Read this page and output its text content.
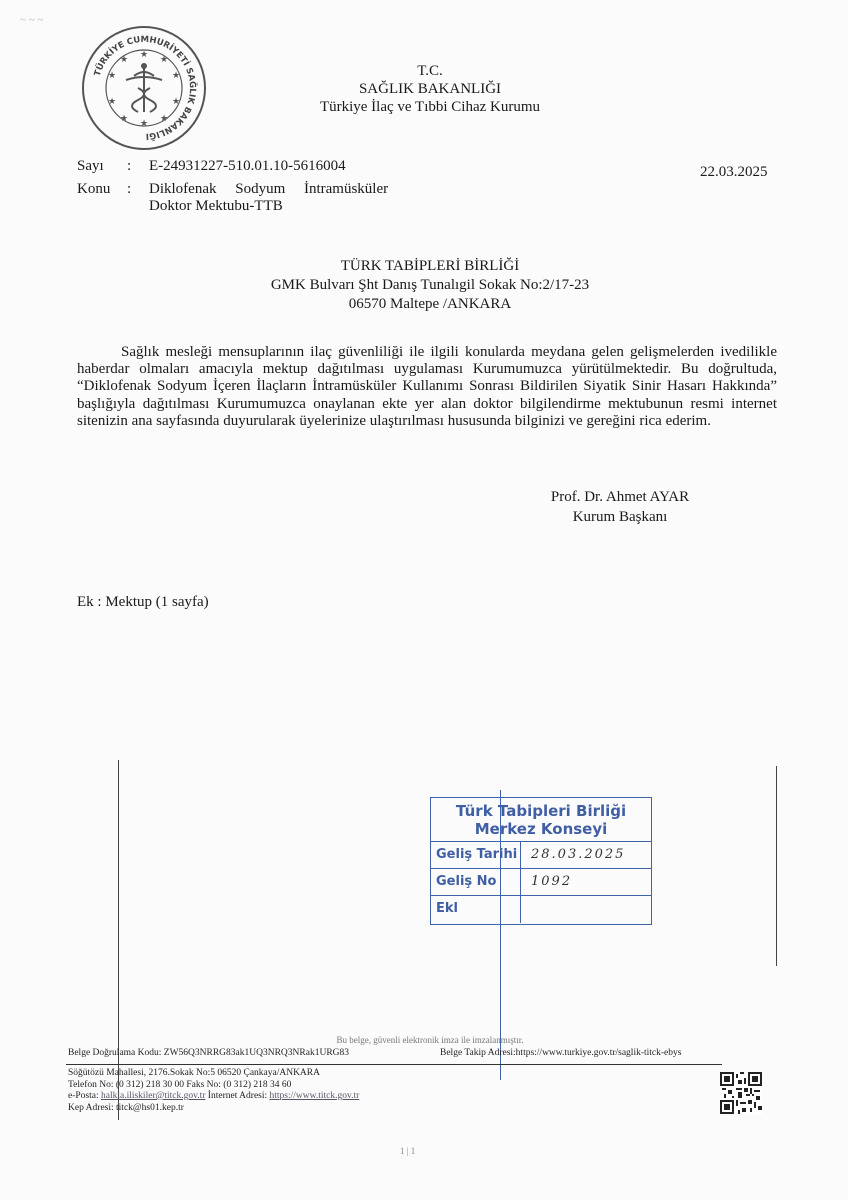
~ ~ ~
TÜRKİYE CUMHURİYETİ SAĞLIK BAKANLIĞI
★
★	★
★	★
★	★
★	★
★
T.C.
SAĞLIK BAKANLIĞI
Türkiye İlaç ve Tıbbi Cihaz Kurumu
Sayı	:	E-24931227-510.01.10-5616004
Konu	:	Diklofenak     Sodyum     İntramüsküler
Doktor Mektubu-TTB
22.03.2025
TÜRK TABİPLERİ BİRLİĞİ
GMK Bulvarı Şht Danış Tunalıgil Sokak No:2/17-23
06570 Maltepe /ANKARA
Sağlık mesleği mensuplarının ilaç güvenliliği ile ilgili konularda meydana gelen gelişmelerden ivedilikle haberdar olmaları amacıyla mektup dağıtılması uygulaması Kurumumuzca yürütülmektedir. Bu doğrultuda, “Diklofenak Sodyum İçeren İlaçların İntramüsküler Kullanımı Sonrası Bildirilen Siyatik Sinir Hasarı Hakkında” başlığıyla dağıtılması Kurumumuzca onaylanan ekte yer alan doktor bilgilendirme mektubunun resmi internet sitenizin ana sayfasında duyurularak üyelerinize ulaştırılması hususunda bilginizi ve gereğini rica ederim.
Prof. Dr. Ahmet AYAR
Kurum Başkanı
Ek : Mektup (1 sayfa)
Türk Tabipleri Birliği
Merkez Konseyi
Geliş Tarihi	28.03.2025
Geliş No	1092
Ekl
Bu belge, güvenli elektronik imza ile imzalanmıştır.
Belge Doğrulama Kodu: ZW56Q3NRRG83ak1UQ3NRQ3NRak1URG83	Belge Takip Adresi:https://www.turkiye.gov.tr/saglik-titck-ebys
Söğütözü Mahallesi, 2176.Sokak No:5 06520 Çankaya/ANKARA
Telefon No: (0 312) 218 30 00 Faks No: (0 312) 218 34 60
e-Posta: halkla.iliskiler@titck.gov.tr İnternet Adresi: https://www.titck.gov.tr
Kep Adresi: titck@hs01.kep.tr
1 | 1
